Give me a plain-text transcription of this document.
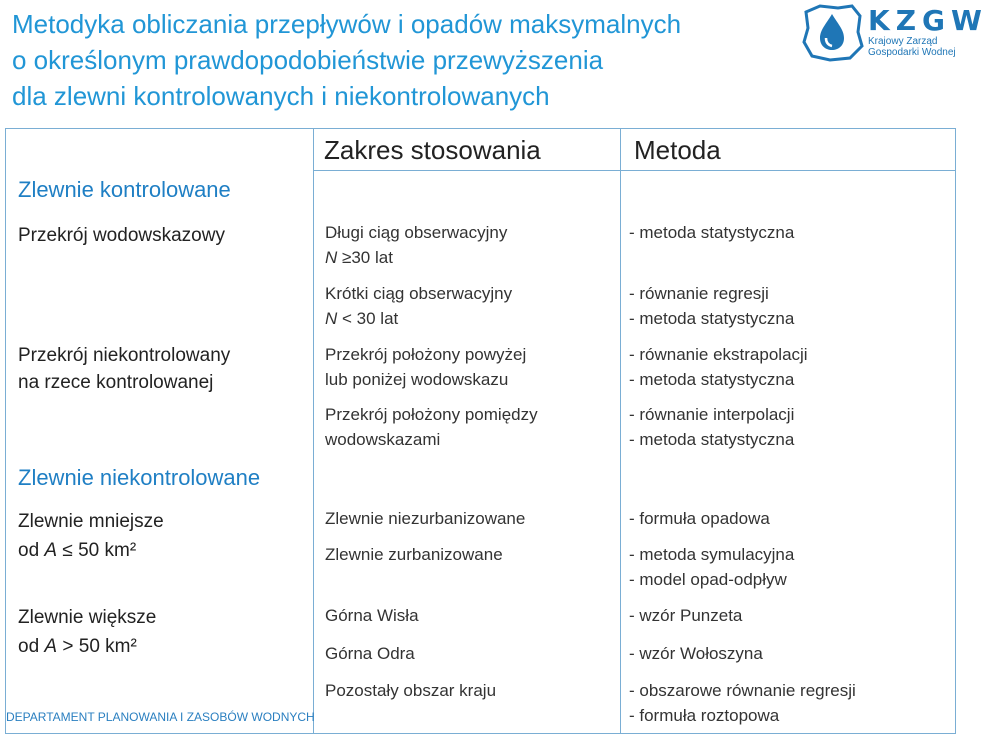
Metodyka obliczania przepływów i opadów maksymalnych
o określonym prawdopodobieństwie przewyższenia
dla zlewni kontrolowanych i niekontrolowanych
KZGW
Krajowy Zarząd
Gospodarki Wodnej
Zakres stosowania	Metoda
Zlewnie kontrolowane
Przekrój wodowskazowy
Przekrój niekontrolowany
na rzece kontrolowanej
Zlewnie niekontrolowane
Zlewnie mniejsze
od A ≤ 50 km²
Zlewnie większe
od A > 50 km²
Długi ciąg obserwacyjny
N ≥30 lat
Krótki ciąg obserwacyjny
N < 30 lat
Przekrój położony powyżej
lub poniżej wodowskazu
Przekrój położony pomiędzy
wodowskazami
Zlewnie niezurbanizowane
Zlewnie zurbanizowane
Górna Wisła
Górna Odra
Pozostały obszar kraju
- metoda statystyczna
- równanie regresji
- metoda statystyczna
- równanie ekstrapolacji
- metoda statystyczna
- równanie interpolacji
- metoda statystyczna
- formuła opadowa
- metoda symulacyjna
- model opad-odpływ
- wzór Punzeta
- wzór Wołoszyna
- obszarowe równanie regresji
- formuła roztopowa
DEPARTAMENT PLANOWANIA I ZASOBÓW WODNYCH
